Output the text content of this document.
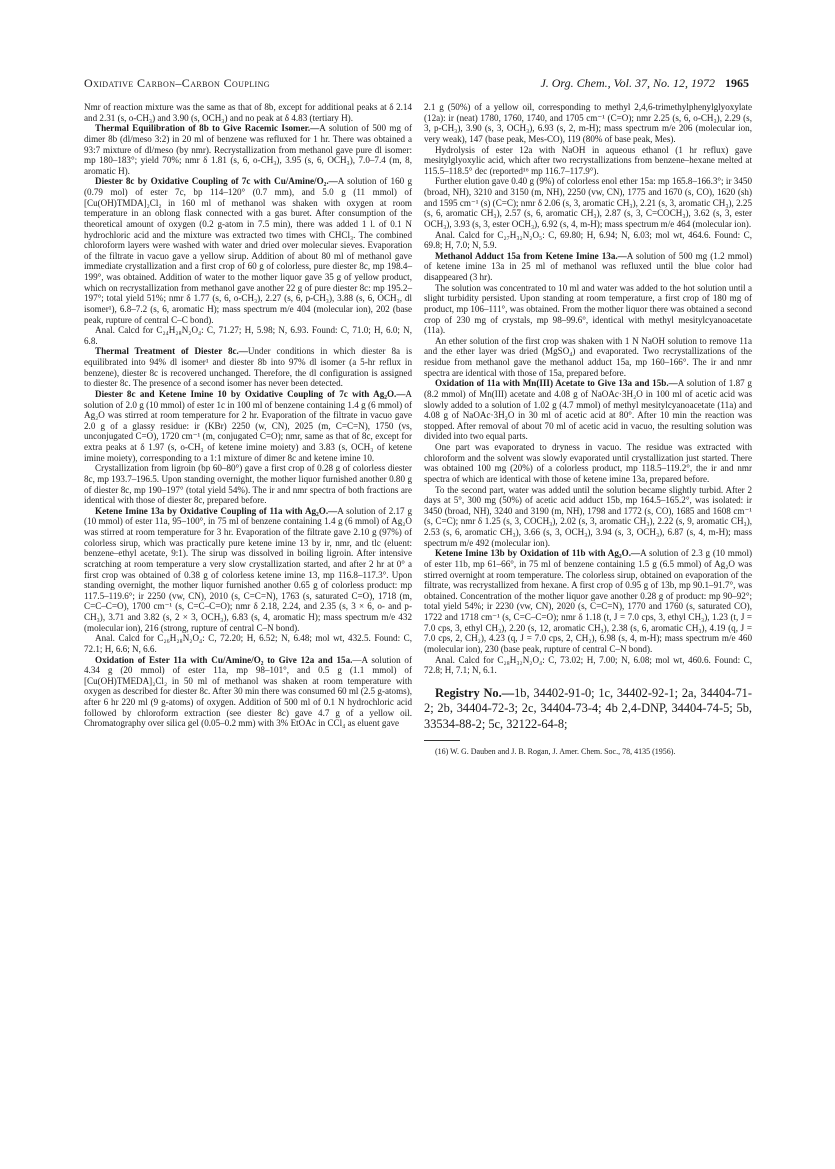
Oxidative Carbon–Carbon Coupling	J. Org. Chem., Vol. 37, No. 12, 1972 1965

Nmr of reaction mixture was the same as that of 8b, except for additional peaks at δ 2.14 and 2.31 (s, o-CH₃) and 3.90 (s, OCH₃) and no peak at δ 4.83 (tertiary H).

Thermal Equilibration of 8b to Give Racemic Isomer.—A solution of 500 mg of dimer 8b (dl/meso 3:2) in 20 ml of benzene was refluxed for 1 hr. There was obtained a 93:7 mixture of dl/meso (by nmr). Recrystallization from methanol gave pure dl isomer: mp 180–183°; yield 70%; nmr δ 1.81 (s, 6, o-CH₃), 3.95 (s, 6, OCH₃), 7.0–7.4 (m, 8, aromatic H).

Diester 8c by Oxidative Coupling of 7c with Cu/Amine/O₂.—A solution of 160 g (0.79 mol) of ester 7c, bp 114–120° (0.7 mm), and 5.0 g (11 mmol) of [Cu(OH)TMDA]₂Cl₂ in 160 ml of methanol was shaken with oxygen at room temperature in an oblong flask connected with a gas buret. After consumption of the theoretical amount of oxygen (0.2 g-atom in 7.5 min), there was added 1 l. of 0.1 N hydrochloric acid and the mixture was extracted two times with CHCl₃. The combined chloroform layers were washed with water and dried over molecular sieves. Evaporation of the filtrate in vacuo gave a yellow sirup. Addition of about 80 ml of methanol gave immediate crystallization and a first crop of 60 g of colorless, pure diester 8c, mp 198.4–199°, was obtained. Addition of water to the mother liquor gave 35 g of yellow product, which on recrystallization from methanol gave another 22 g of pure diester 8c: mp 195.2–197°; total yield 51%; nmr δ 1.77 (s, 6, o-CH₃), 2.27 (s, 6, p-CH₃), 3.88 (s, 6, OCH₃, dl isomer¹), 6.8–7.2 (s, 6, aromatic H); mass spectrum m/e 404 (molecular ion), 202 (base peak, rupture of central C–C bond).

Anal. Calcd for C₂₄H₂₈N₂O₄: C, 71.27; H, 5.98; N, 6.93. Found: C, 71.0; H, 6.0; N, 6.8.

Thermal Treatment of Diester 8c.—Under conditions in which diester 8a is equilibrated into 94% dl isomer¹ and diester 8b into 97% dl isomer (a 5-hr reflux in benzene), diester 8c is recovered unchanged. Therefore, the dl configuration is assigned to diester 8c. The presence of a second isomer has never been detected.

Diester 8c and Ketene Imine 10 by Oxidative Coupling of 7c with Ag₂O.—A solution of 2.0 g (10 mmol) of ester 1c in 100 ml of benzene containing 1.4 g (6 mmol) of Ag₂O was stirred at room temperature for 2 hr. Evaporation of the filtrate in vacuo gave 2.0 g of a glassy residue: ir (KBr) 2250 (w, CN), 2025 (m, C=C=N), 1750 (vs, unconjugated C=O), 1720 cm⁻¹ (m, conjugated C=O); nmr, same as that of 8c, except for extra peaks at δ 1.97 (s, o-CH₃ of ketene imine moiety) and 3.83 (s, OCH₃ of ketene imine moiety), corresponding to a 1:1 mixture of dimer 8c and ketene imine 10.

Crystallization from ligroin (bp 60–80°) gave a first crop of 0.28 g of colorless diester 8c, mp 193.7–196.5. Upon standing overnight, the mother liquor furnished another 0.80 g of diester 8c, mp 190–197° (total yield 54%). The ir and nmr spectra of both fractions are identical with those of diester 8c, prepared before.

Ketene Imine 13a by Oxidative Coupling of 11a with Ag₂O.—A solution of 2.17 g (10 mmol) of ester 11a, 95–100°, in 75 ml of benzene containing 1.4 g (6 mmol) of Ag₂O was stirred at room temperature for 3 hr. Evaporation of the filtrate gave 2.10 g (97%) of colorless sirup, which was practically pure ketene imine 13 by ir, nmr, and tlc (eluent: benzene–ethyl acetate, 9:1). The sirup was dissolved in boiling ligroin. After intensive scratching at room temperature a very slow crystallization started, and after 2 hr at 0° a first crop was obtained of 0.38 g of colorless ketene imine 13, mp 116.8–117.3°. Upon standing overnight, the mother liquor furnished another 0.65 g of colorless product: mp 117.5–119.6°; ir 2250 (vw, CN), 2010 (s, C=C=N), 1763 (s, saturated C=O), 1718 (m, C=C–C=O), 1700 cm⁻¹ (s, C=C–C=O); nmr δ 2.18, 2.24, and 2.35 (s, 3 × 6, o- and p-CH₃), 3.71 and 3.82 (s, 2 × 3, OCH₃), 6.83 (s, 4, aromatic H); mass spectrum m/e 432 (molecular ion), 216 (strong, rupture of central C–N bond).

Anal. Calcd for C₂₆H₂₈N₂O₄: C, 72.20; H, 6.52; N, 6.48; mol wt, 432.5. Found: C, 72.1; H, 6.6; N, 6.6.

Oxidation of Ester 11a with Cu/Amine/O₂ to Give 12a and 15a.—A solution of 4.34 g (20 mmol) of ester 11a, mp 98–101°, and 0.5 g (1.1 mmol) of [Cu(OH)TMEDA]₂Cl₂ in 50 ml of methanol was shaken at room temperature with oxygen as described for diester 8c. After 30 min there was consumed 60 ml (2.5 g-atoms), after 6 hr 220 ml (9 g-atoms) of oxygen. Addition of 500 ml of 0.1 N hydrochloric acid followed by chloroform extraction (see diester 8c) gave 4.7 g of a yellow oil. Chromatography over silica gel (0.05–0.2 mm) with 3% EtOAc in CCl₄ as eluent gave

2.1 g (50%) of a yellow oil, corresponding to methyl 2,4,6-trimethylphenylglyoxylate (12a): ir (neat) 1780, 1760, 1740, and 1705 cm⁻¹ (C=O); nmr 2.25 (s, 6, o-CH₃), 2.29 (s, 3, p-CH₃), 3.90 (s, 3, OCH₃), 6.93 (s, 2, m-H); mass spectrum m/e 206 (molecular ion, very weak), 147 (base peak, Mes-CO), 119 (80% of base peak, Mes).

Hydrolysis of ester 12a with NaOH in aqueous ethanol (1 hr reflux) gave mesitylglyoxylic acid, which after two recrystallizations from benzene–hexane melted at 115.5–118.5° dec (reported¹⁶ mp 116.7–117.9°).

Further elution gave 0.40 g (9%) of colorless enol ether 15a: mp 165.8–166.3°; ir 3450 (broad, NH), 3210 and 3150 (m, NH), 2250 (vw, CN), 1775 and 1670 (s, CO), 1620 (sh) and 1595 cm⁻¹ (s) (C=C); nmr δ 2.06 (s, 3, aromatic CH₃), 2.21 (s, 3, aromatic CH₃), 2.25 (s, 6, aromatic CH₃), 2.57 (s, 6, aromatic CH₃), 2.87 (s, 3, C=COCH₃), 3.62 (s, 3, ester OCH₃), 3.93 (s, 3, ester OCH₃), 6.92 (s, 4, m-H); mass spectrum m/e 464 (molecular ion).

Anal. Calcd for C₂₇H₃₂N₂O₅: C, 69.80; H, 6.94; N, 6.03; mol wt, 464.6. Found: C, 69.8; H, 7.0; N, 5.9.

Methanol Adduct 15a from Ketene Imine 13a.—A solution of 500 mg (1.2 mmol) of ketene imine 13a in 25 ml of methanol was refluxed until the blue color had disappeared (3 hr).

The solution was concentrated to 10 ml and water was added to the hot solution until a slight turbidity persisted. Upon standing at room temperature, a first crop of 180 mg of product, mp 106–111°, was obtained. From the mother liquor there was obtained a second crop of 230 mg of crystals, mp 98–99.6°, identical with methyl mesitylcyanoacetate (11a).

An ether solution of the first crop was shaken with 1 N NaOH solution to remove 11a and the ether layer was dried (MgSO₄) and evaporated. Two recrystallizations of the residue from methanol gave the methanol adduct 15a, mp 160–166°. The ir and nmr spectra are identical with those of 15a, prepared before.

Oxidation of 11a with Mn(III) Acetate to Give 13a and 15b.—A solution of 1.87 g (8.2 mmol) of Mn(III) acetate and 4.08 g of NaOAc·3H₂O in 100 ml of acetic acid was slowly added to a solution of 1.02 g (4.7 mmol) of methyl mesitylcyanoacetate (11a) and 4.08 g of NaOAc·3H₂O in 30 ml of acetic acid at 80°. After 10 min the reaction was stopped. After removal of about 70 ml of acetic acid in vacuo, the resulting solution was divided into two equal parts.

One part was evaporated to dryness in vacuo. The residue was extracted with chloroform and the solvent was slowly evaporated until crystallization just started. There was obtained 100 mg (20%) of a colorless product, mp 118.5–119.2°, the ir and nmr spectra of which are identical with those of ketene imine 13a, prepared before.

To the second part, water was added until the solution became slightly turbid. After 2 days at 5°, 300 mg (50%) of acetic acid adduct 15b, mp 164.5–165.2°, was isolated: ir 3450 (broad, NH), 3240 and 3190 (m, NH), 1798 and 1772 (s, CO), 1685 and 1608 cm⁻¹ (s, C=C); nmr δ 1.25 (s, 3, COCH₃), 2.02 (s, 3, aromatic CH₃), 2.22 (s, 9, aromatic CH₃), 2.53 (s, 6, aromatic CH₃), 3.66 (s, 3, OCH₃), 3.94 (s, 3, OCH₃), 6.87 (s, 4, m-H); mass spectrum m/e 492 (molecular ion).

Ketene Imine 13b by Oxidation of 11b with Ag₂O.—A solution of 2.3 g (10 mmol) of ester 11b, mp 61–66°, in 75 ml of benzene containing 1.5 g (6.5 mmol) of Ag₂O was stirred overnight at room temperature. The colorless sirup, obtained on evaporation of the filtrate, was recrystallized from hexane. A first crop of 0.95 g of 13b, mp 90.1–91.7°, was obtained. Concentration of the mother liquor gave another 0.28 g of product: mp 90–92°; total yield 54%; ir 2230 (vw, CN), 2020 (s, C=C=N), 1770 and 1760 (s, saturated CO), 1722 and 1718 cm⁻¹ (s, C=C–C=O); nmr δ 1.18 (t, J = 7.0 cps, 3, ethyl CH₃), 1.23 (t, J = 7.0 cps, 3, ethyl CH₃), 2.20 (s, 12, aromatic CH₃), 2.38 (s, 6, aromatic CH₃), 4.19 (q, J = 7.0 cps, 2, CH₂), 4.23 (q, J = 7.0 cps, 2, CH₂), 6.98 (s, 4, m-H); mass spectrum m/e 460 (molecular ion), 230 (base peak, rupture of central C–N bond).

Anal. Calcd for C₂₈H₃₂N₂O₄: C, 73.02; H, 7.00; N, 6.08; mol wt, 460.6. Found: C, 72.8; H, 7.1; N, 6.1.

Registry No.—1b, 34402-91-0; 1c, 34402-92-1; 2a, 34404-71-2; 2b, 34404-72-3; 2c, 34404-73-4; 4b 2,4-DNP, 34404-74-5; 5b, 33534-88-2; 5c, 32122-64-8;

(16) W. G. Dauben and J. B. Rogan, J. Amer. Chem. Soc., 78, 4135 (1956).
